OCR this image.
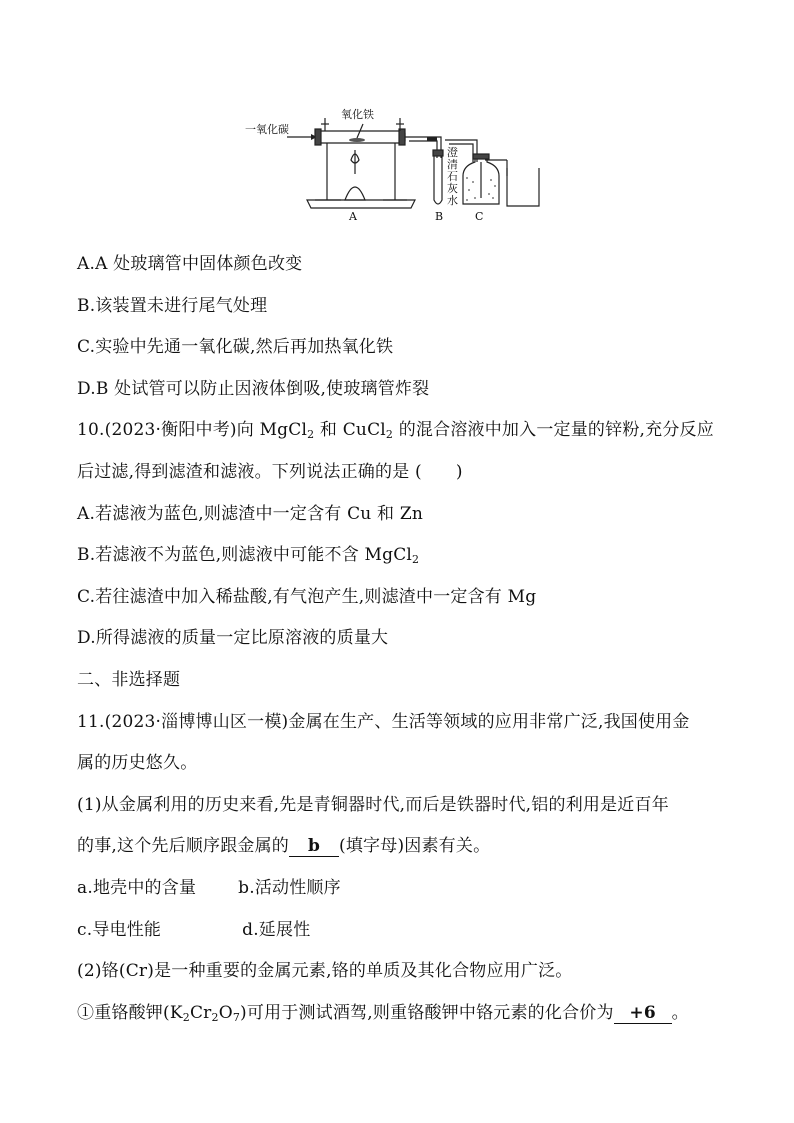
一氧化碳
氧化铁
澄
清
石
灰
水
A	B	C
A.A 处玻璃管中固体颜色改变
B.该装置未进行尾气处理
C.实验中先通一氧化碳,然后再加热氧化铁
D.B 处试管可以防止因液体倒吸,使玻璃管炸裂
10.(2023·衡阳中考)向 MgCl$_2$ 和 CuCl$_2$ 的混合溶液中加入一定量的锌粉,充分反应
后过滤,得到滤渣和滤液。下列说法正确的是 ( )
A.若滤液为蓝色,则滤渣中一定含有 Cu 和 Zn
B.若滤液不为蓝色,则滤液中可能不含 MgCl$_2$
C.若往滤渣中加入稀盐酸,有气泡产生,则滤渣中一定含有 Mg
D.所得滤液的质量一定比原溶液的质量大
二、非选择题
11.(2023·淄博博山区一模)金属在生产、生活等领域的应用非常广泛,我国使用金
属的历史悠久。
(1)从金属利用的历史来看,先是青铜器时代,而后是铁器时代,铝的利用是近百年
的事,这个先后顺序跟金属的 b (填字母)因素有关。
a.地壳中的含量 b.活动性顺序
c.导电性能	d.延展性
(2)铬(Cr)是一种重要的金属元素,铬的单质及其化合物应用广泛。
①重铬酸钾$(K_2Cr_2O_7)$可用于测试酒驾,则重铬酸钾中铬元素的化合价为 +6 。
